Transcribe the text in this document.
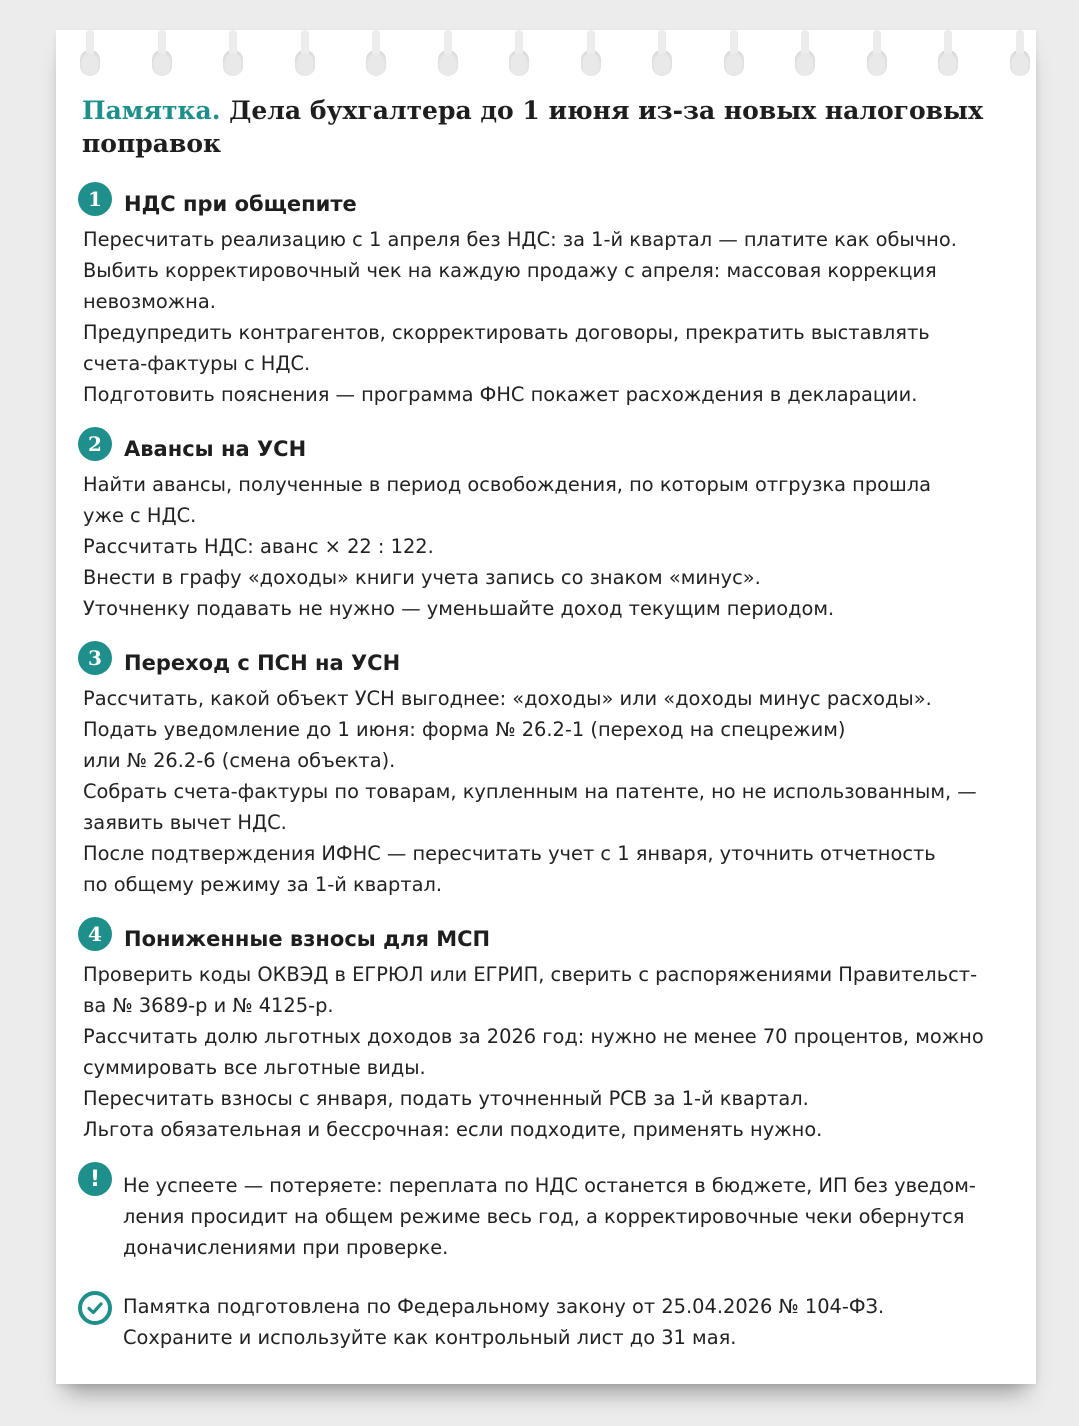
Памятка. Дела бухгалтера до 1 июня из‑за новых налоговых поправок
1	НДС при общепите
Пересчитать реализацию с 1 апреля без НДС: за 1‑й квартал — платите как обычно.
Выбить корректировочный чек на каждую продажу с апреля: массовая коррекция
невозможна.
Предупредить контрагентов, скорректировать договоры, прекратить выставлять
счета‑фактуры с НДС.
Подготовить пояснения — программа ФНС покажет расхождения в декларации.
2	Авансы на УСН
Найти авансы, полученные в период освобождения, по которым отгрузка прошла
уже с НДС.
Рассчитать НДС: аванс × 22 : 122.
Внести в графу «доходы» книги учета запись со знаком «минус».
Уточненку подавать не нужно — уменьшайте доход текущим периодом.
3	Переход с ПСН на УСН
Рассчитать, какой объект УСН выгоднее: «доходы» или «доходы минус расходы».
Подать уведомление до 1 июня: форма № 26.2‑1 (переход на спецрежим)
или № 26.2‑6 (смена объекта).
Собрать счета‑фактуры по товарам, купленным на патенте, но не использованным, —
заявить вычет НДС.
После подтверждения ИФНС — пересчитать учет с 1 января, уточнить отчетность
по общему режиму за 1‑й квартал.
4	Пониженные взносы для МСП
Проверить коды ОКВЭД в ЕГРЮЛ или ЕГРИП, сверить с распоряжениями Правительст-
ва № 3689‑р и № 4125‑р.
Рассчитать долю льготных доходов за 2026 год: нужно не менее 70 процентов, можно
суммировать все льготные виды.
Пересчитать взносы с января, подать уточненный РСВ за 1‑й квартал.
Льгота обязательная и бессрочная: если подходите, применять нужно.
!	Не успеете — потеряете: переплата по НДС останется в бюджете, ИП без уведом-
ления просидит на общем режиме весь год, а корректировочные чеки обернутся
доначислениями при проверке.
Памятка подготовлена по Федеральному закону от 25.04.2026 № 104‑ФЗ.
Сохраните и используйте как контрольный лист до 31 мая.
